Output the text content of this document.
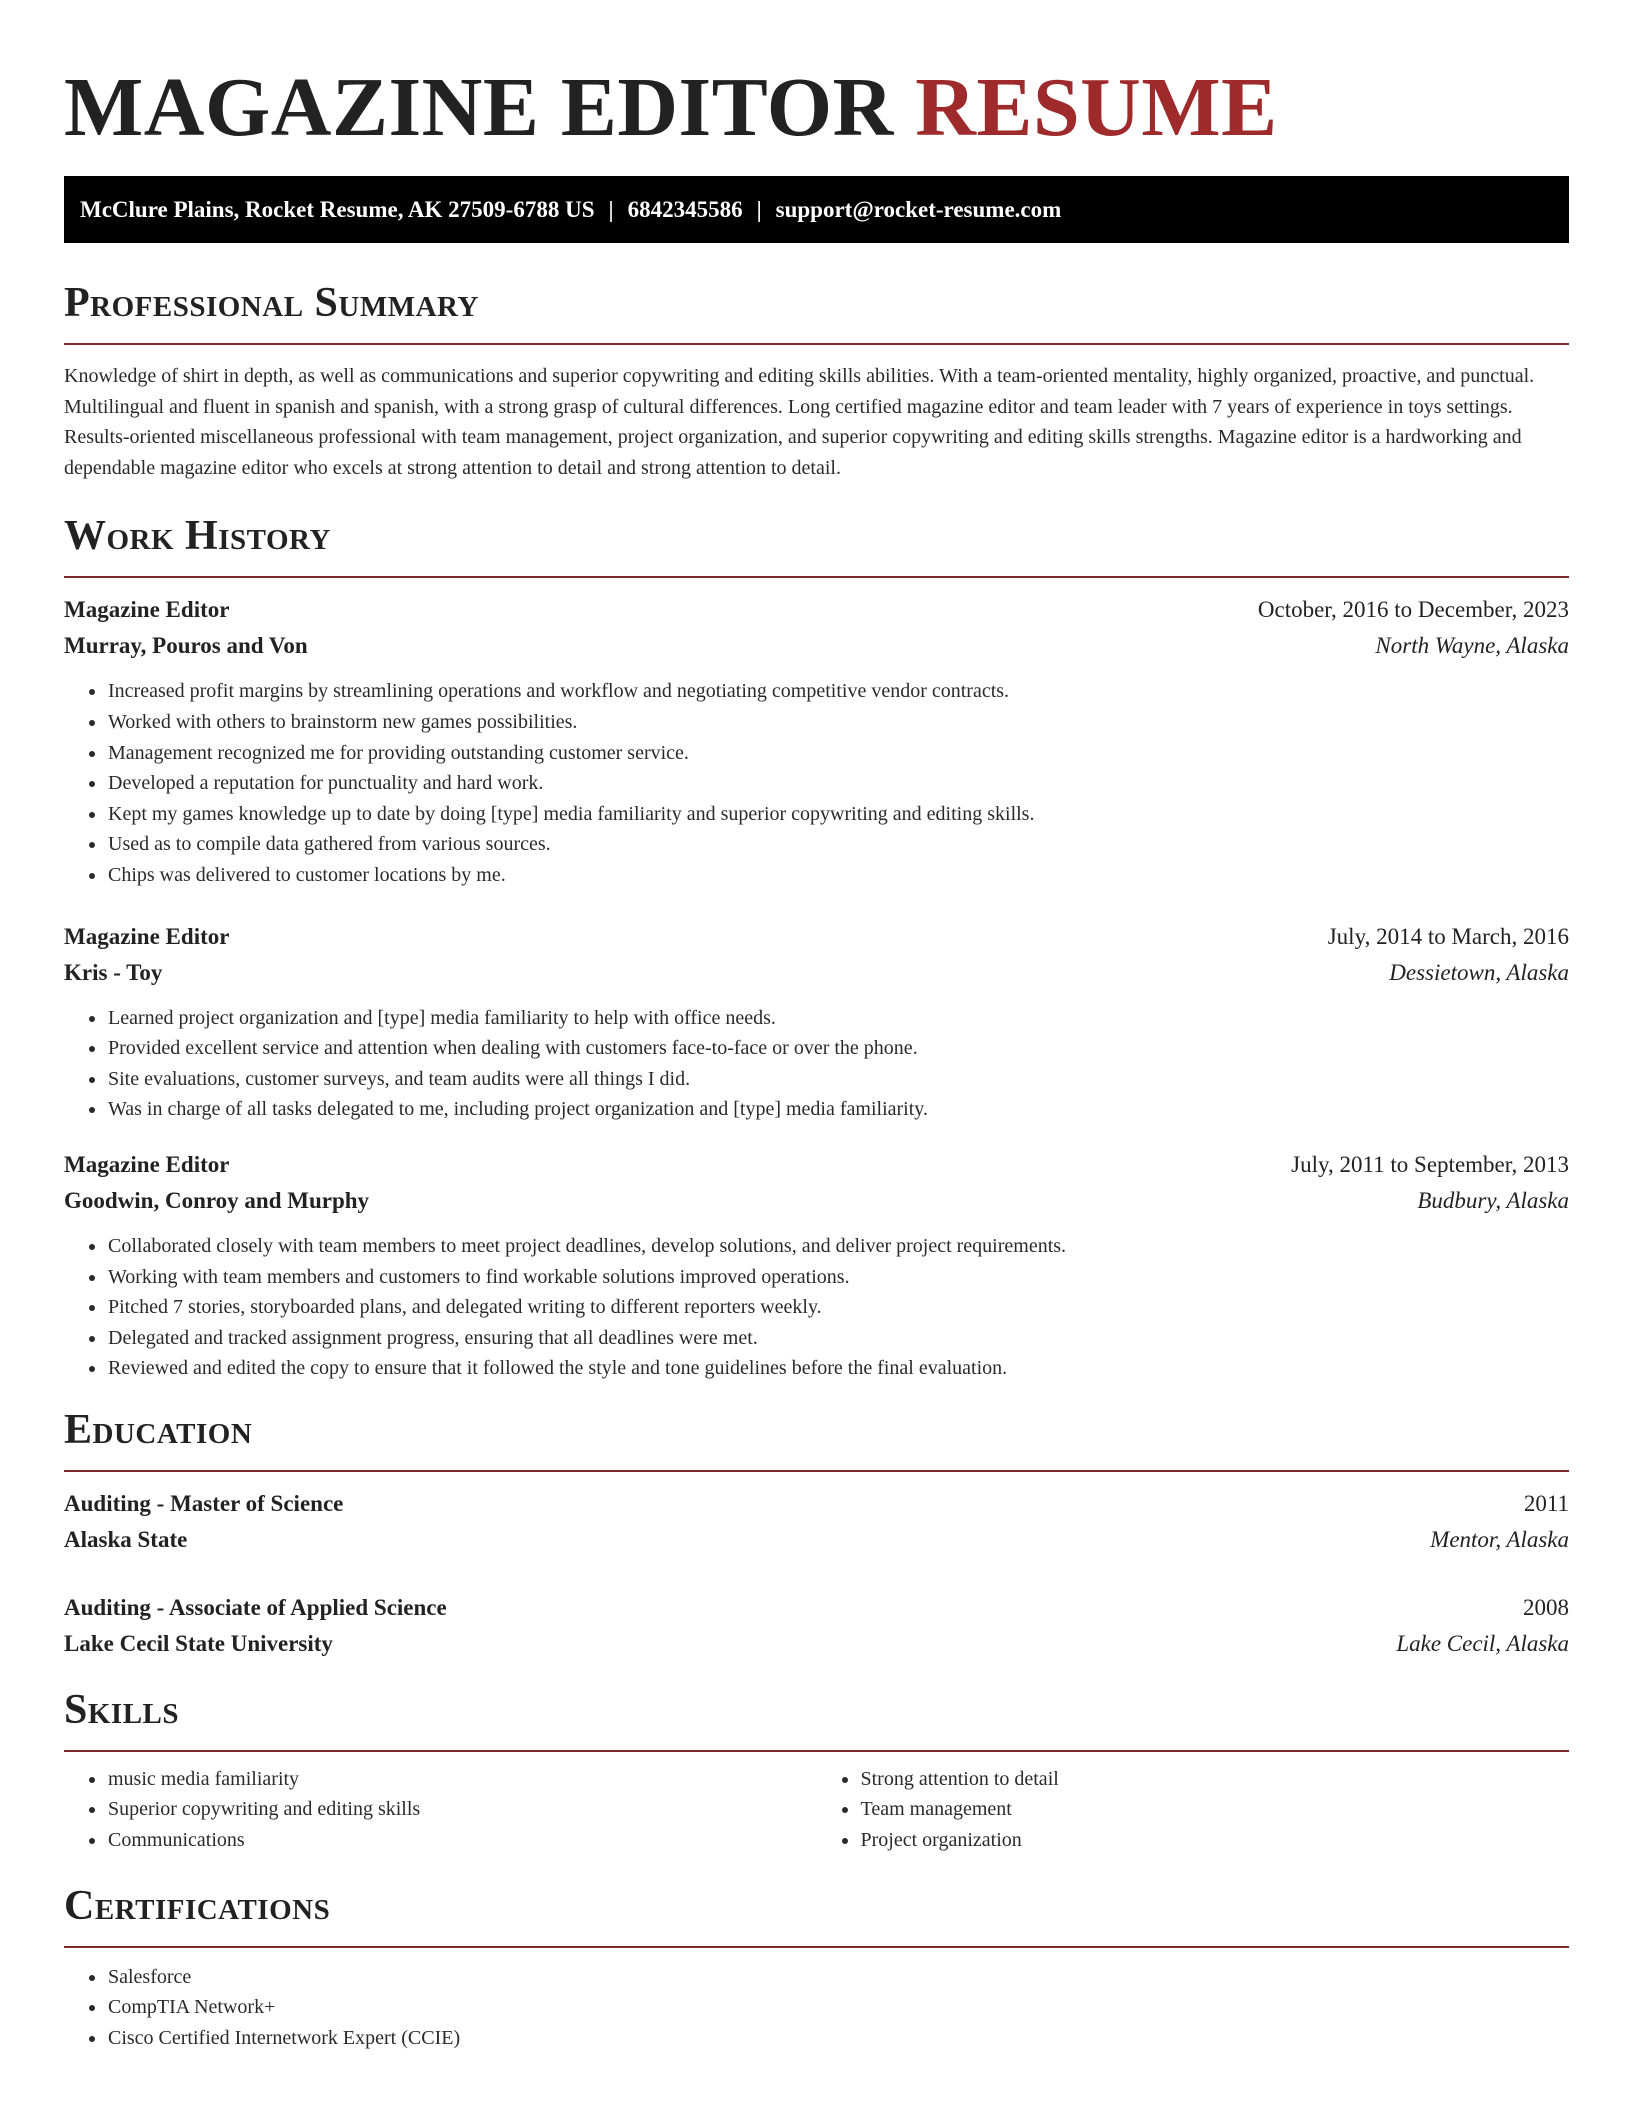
MAGAZINE EDITOR RESUME
McClure Plains, Rocket Resume, AK 27509-6788 US | 6842345586 | support@rocket-resume.com
Professional Summary

Knowledge of shirt in depth, as well as communications and superior copywriting and editing skills abilities. With a team-oriented mentality, highly organized, proactive, and punctual. Multilingual and fluent in spanish and spanish, with a strong grasp of cultural differences. Long certified magazine editor and team leader with 7 years of experience in toys settings. Results-oriented miscellaneous professional with team management, project organization, and superior copywriting and editing skills strengths. Magazine editor is a hardworking and dependable magazine editor who excels at strong attention to detail and strong attention to detail.

Work History
Magazine Editor	October, 2016 to December, 2023
Murray, Pouros and Von	North Wayne, Alaska
• Increased profit margins by streamlining operations and workflow and negotiating competitive vendor contracts.
• Worked with others to brainstorm new games possibilities.
• Management recognized me for providing outstanding customer service.
• Developed a reputation for punctuality and hard work.
• Kept my games knowledge up to date by doing [type] media familiarity and superior copywriting and editing skills.
• Used as to compile data gathered from various sources.
• Chips was delivered to customer locations by me.
Magazine Editor	July, 2014 to March, 2016
Kris - Toy	Dessietown, Alaska
• Learned project organization and [type] media familiarity to help with office needs.
• Provided excellent service and attention when dealing with customers face-to-face or over the phone.
• Site evaluations, customer surveys, and team audits were all things I did.
• Was in charge of all tasks delegated to me, including project organization and [type] media familiarity.
Magazine Editor	July, 2011 to September, 2013
Goodwin, Conroy and Murphy	Budbury, Alaska
• Collaborated closely with team members to meet project deadlines, develop solutions, and deliver project requirements.
• Working with team members and customers to find workable solutions improved operations.
• Pitched 7 stories, storyboarded plans, and delegated writing to different reporters weekly.
• Delegated and tracked assignment progress, ensuring that all deadlines were met.
• Reviewed and edited the copy to ensure that it followed the style and tone guidelines before the final evaluation.
Education
Auditing - Master of Science	2011
Alaska State	Mentor, Alaska
Auditing - Associate of Applied Science	2008
Lake Cecil State University	Lake Cecil, Alaska
Skills
• music media familiarity
• Superior copywriting and editing skills
• Communications
• Strong attention to detail
• Team management
• Project organization
Certifications
• Salesforce
• CompTIA Network+
• Cisco Certified Internetwork Expert (CCIE)
